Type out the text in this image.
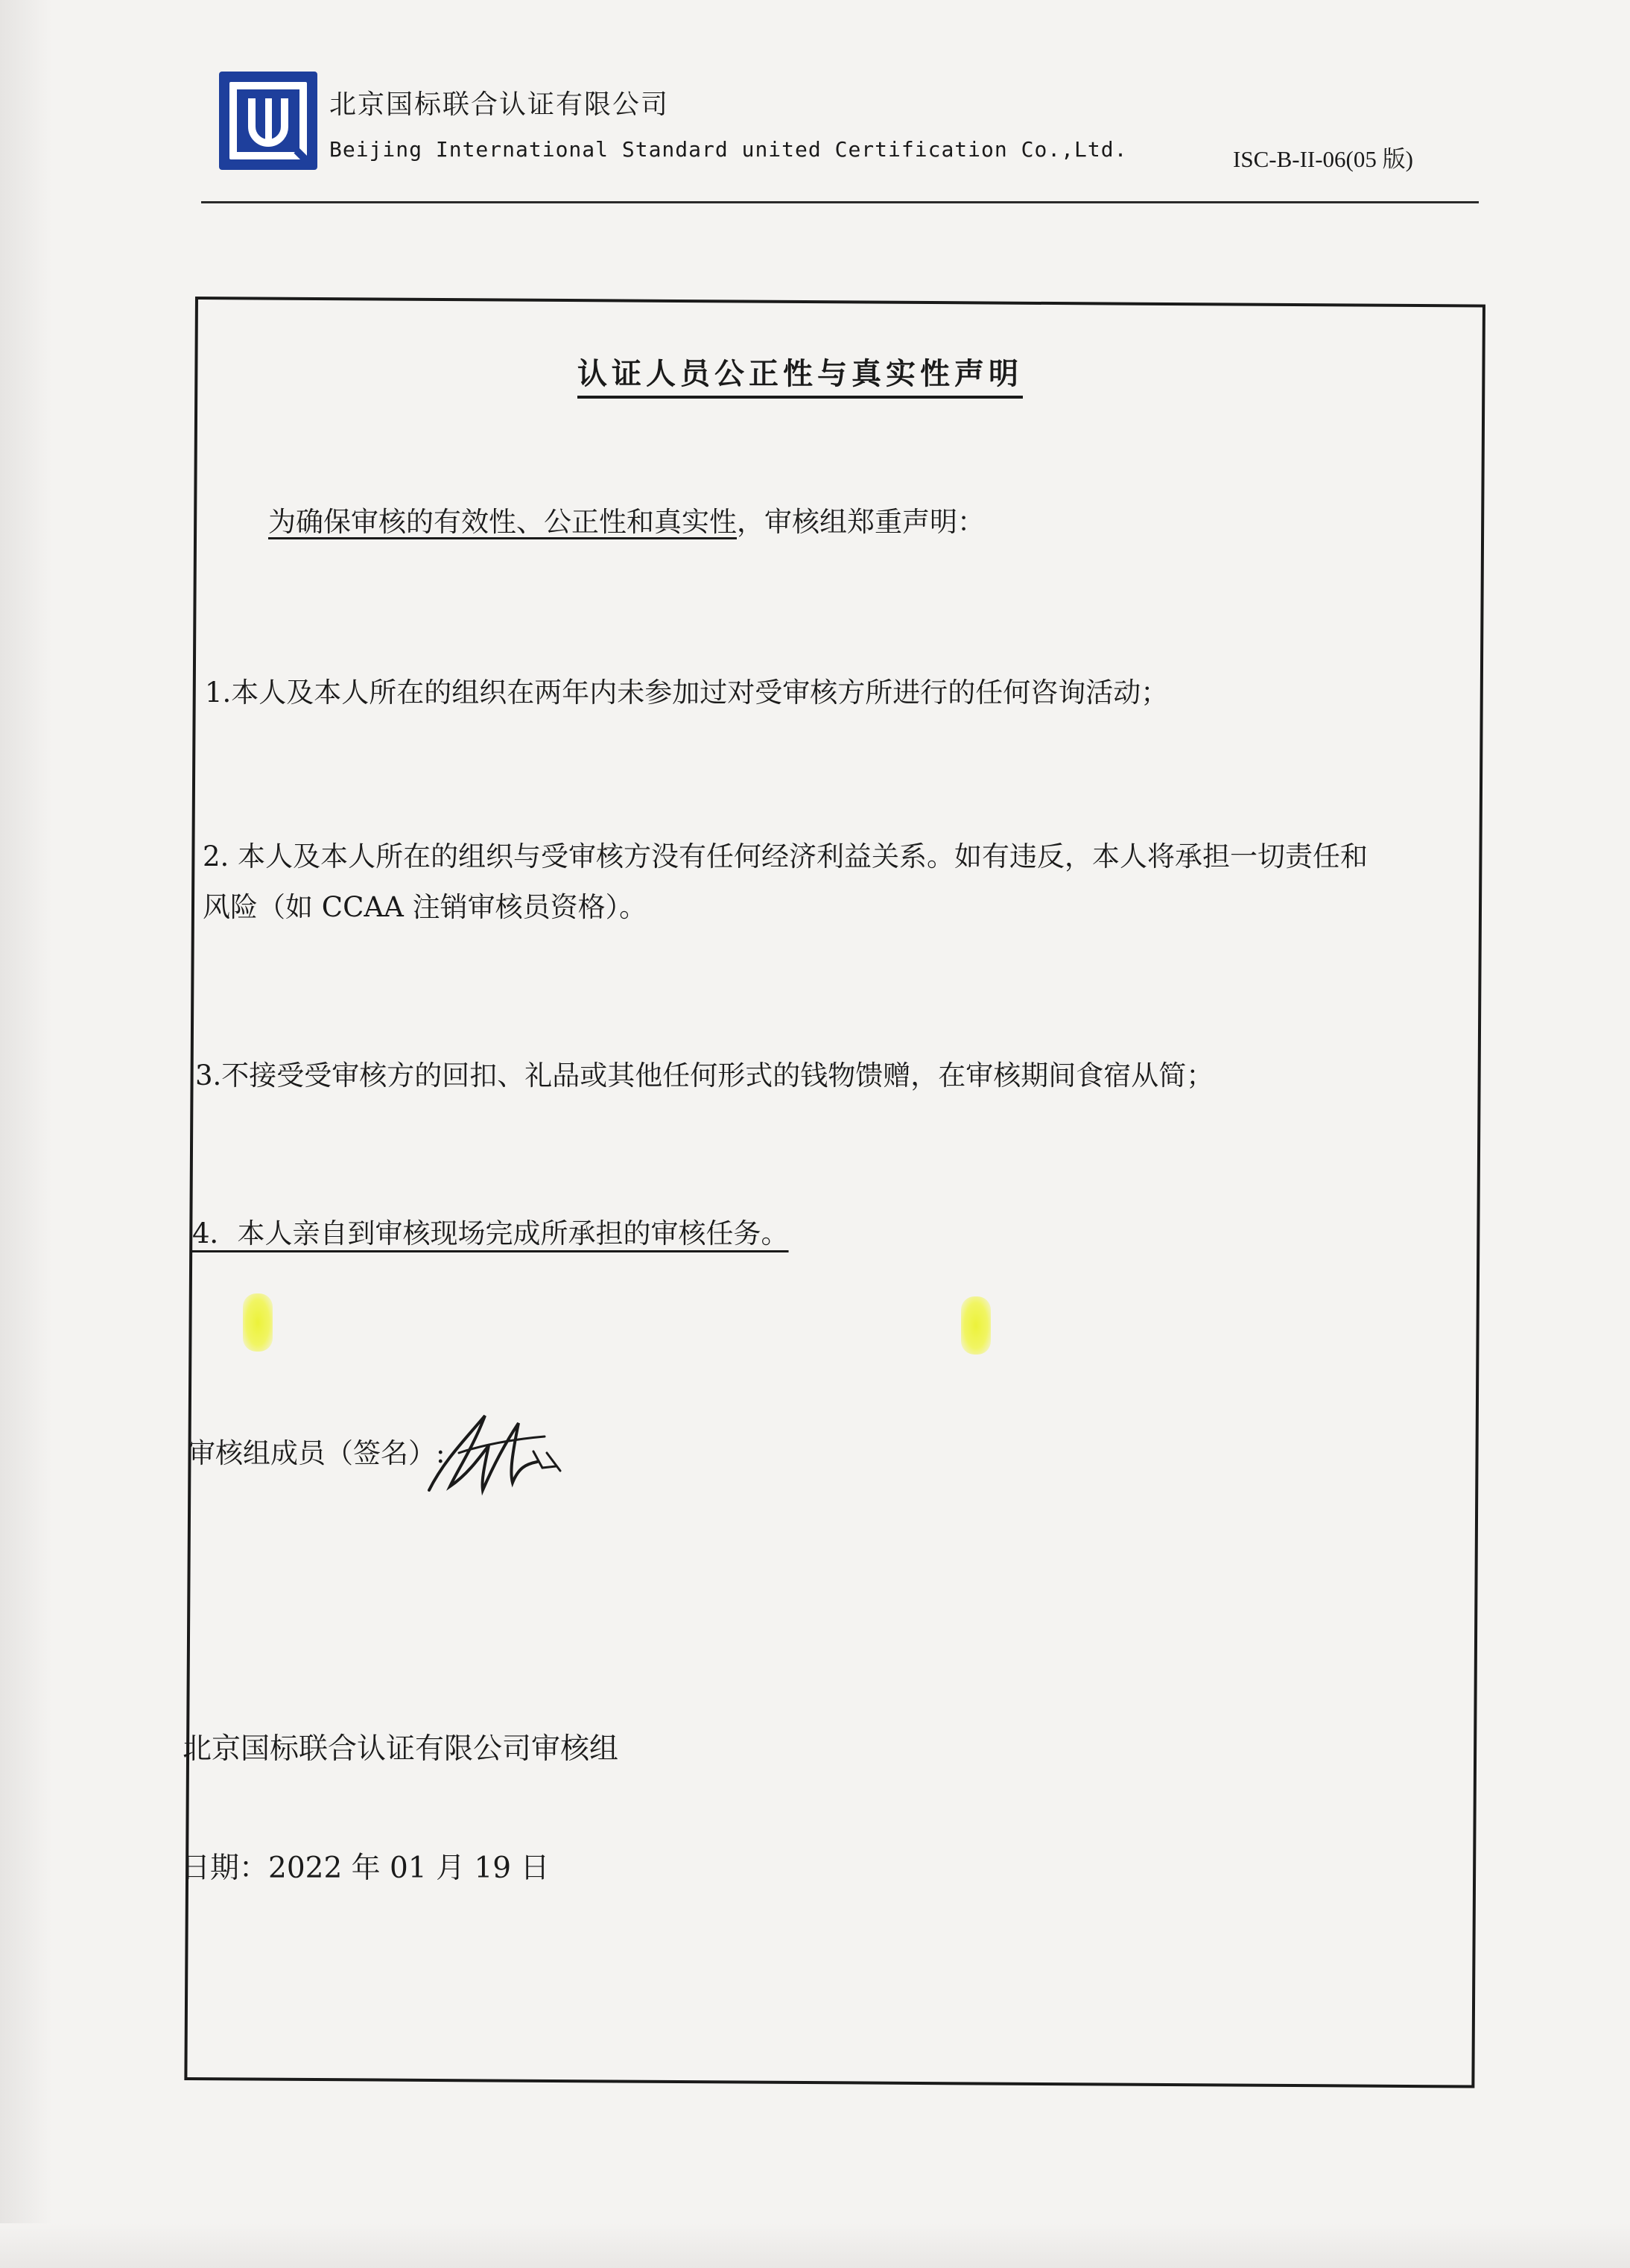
北京国标联合认证有限公司
Beijing International Standard united Certification Co.,Ltd.	ISC-B-II-06(05 版)
认证人员公正性与真实性声明
为确保审核的有效性、公正性和真实性，审核组郑重声明：
1.本人及本人所在的组织在两年内未参加过对受审核方所进行的任何咨询活动；
2. 本人及本人所在的组织与受审核方没有任何经济利益关系。如有违反，本人将承担一切责任和
风险（如 CCAA 注销审核员资格）。
3.不接受受审核方的回扣、礼品或其他任何形式的钱物馈赠，在审核期间食宿从简；
4．本人亲自到审核现场完成所承担的审核任务。
审核组成员（签名）:
北京国标联合认证有限公司审核组
日期：2022 年 01 月 19 日
